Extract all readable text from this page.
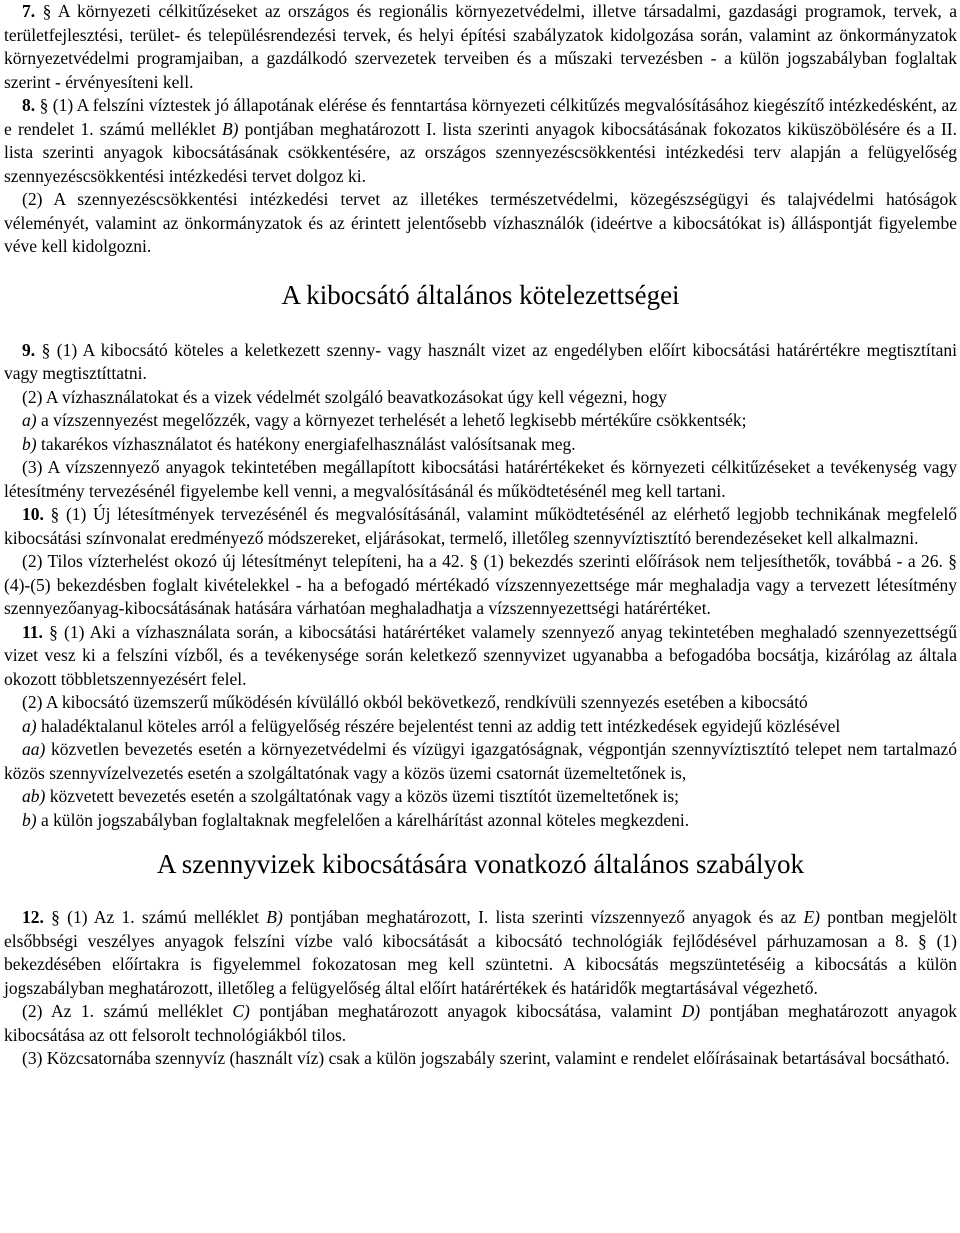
7. § A környezeti célkitűzéseket az országos és regionális környezetvédelmi, illetve társadalmi, gazdasági programok, tervek, a területfejlesztési, terület- és településrendezési tervek, és helyi építési szabályzatok kidolgozása során, valamint az önkormányzatok környezetvédelmi programjaiban, a gazdálkodó szervezetek terveiben és a műszaki tervezésben - a külön jogszabályban foglaltak szerint - érvényesíteni kell.

8. § (1) A felszíni víztestek jó állapotának elérése és fenntartása környezeti célkitűzés megvalósításához kiegészítő intézkedésként, az e rendelet 1. számú melléklet B) pontjában meghatározott I. lista szerinti anyagok kibocsátásának fokozatos kiküszöbölésére és a II. lista szerinti anyagok kibocsátásának csökkentésére, az országos szennyezéscsökkentési intézkedési terv alapján a felügyelőség szennyezéscsökkentési intézkedési tervet dolgoz ki.

(2) A szennyezéscsökkentési intézkedési tervet az illetékes természetvédelmi, közegészségügyi és talajvédelmi hatóságok véleményét, valamint az önkormányzatok és az érintett jelentősebb vízhasználók (ideértve a kibocsátókat is) álláspontját figyelembe véve kell kidolgozni.

A kibocsátó általános kötelezettségei

9. § (1) A kibocsátó köteles a keletkezett szenny- vagy használt vizet az engedélyben előírt kibocsátási határértékre megtisztítani vagy megtisztíttatni.

(2) A vízhasználatokat és a vizek védelmét szolgáló beavatkozásokat úgy kell végezni, hogy

a) a vízszennyezést megelőzzék, vagy a környezet terhelését a lehető legkisebb mértékűre csökkentsék;

b) takarékos vízhasználatot és hatékony energiafelhasználást valósítsanak meg.

(3) A vízszennyező anyagok tekintetében megállapított kibocsátási határértékeket és környezeti célkitűzéseket a tevékenység vagy létesítmény tervezésénél figyelembe kell venni, a megvalósításánál és működtetésénél meg kell tartani.

10. § (1) Új létesítmények tervezésénél és megvalósításánál, valamint működtetésénél az elérhető legjobb technikának megfelelő kibocsátási színvonalat eredményező módszereket, eljárásokat, termelő, illetőleg szennyvíztisztító berendezéseket kell alkalmazni.

(2) Tilos vízterhelést okozó új létesítményt telepíteni, ha a 42. § (1) bekezdés szerinti előírások nem teljesíthetők, továbbá - a 26. § (4)-(5) bekezdésben foglalt kivételekkel - ha a befogadó mértékadó vízszennyezettsége már meghaladja vagy a tervezett létesítmény szennyezőanyag-kibocsátásának hatására várhatóan meghaladhatja a vízszennyezettségi határértéket.

11. § (1) Aki a vízhasználata során, a kibocsátási határértéket valamely szennyező anyag tekintetében meghaladó szennyezettségű vizet vesz ki a felszíni vízből, és a tevékenysége során keletkező szennyvizet ugyanabba a befogadóba bocsátja, kizárólag az általa okozott többletszennyezésért felel.

(2) A kibocsátó üzemszerű működésén kívülálló okból bekövetkező, rendkívüli szennyezés esetében a kibocsátó

a) haladéktalanul köteles arról a felügyelőség részére bejelentést tenni az addig tett intézkedések egyidejű közlésével

aa) közvetlen bevezetés esetén a környezetvédelmi és vízügyi igazgatóságnak, végpontján szennyvíztisztító telepet nem tartalmazó közös szennyvízelvezetés esetén a szolgáltatónak vagy a közös üzemi csatornát üzemeltetőnek is,

ab) közvetett bevezetés esetén a szolgáltatónak vagy a közös üzemi tisztítót üzemeltetőnek is;

b) a külön jogszabályban foglaltaknak megfelelően a kárelhárítást azonnal köteles megkezdeni.

A szennyvizek kibocsátására vonatkozó általános szabályok

12. § (1) Az 1. számú melléklet B) pontjában meghatározott, I. lista szerinti vízszennyező anyagok és az E) pontban megjelölt elsőbbségi veszélyes anyagok felszíni vízbe való kibocsátását a kibocsátó technológiák fejlődésével párhuzamosan a 8. § (1) bekezdésében előírtakra is figyelemmel fokozatosan meg kell szüntetni. A kibocsátás megszüntetéséig a kibocsátás a külön jogszabályban meghatározott, illetőleg a felügyelőség által előírt határértékek és határidők megtartásával végezhető.

(2) Az 1. számú melléklet C) pontjában meghatározott anyagok kibocsátása, valamint D) pontjában meghatározott anyagok kibocsátása az ott felsorolt technológiákból tilos.

(3) Közcsatornába szennyvíz (használt víz) csak a külön jogszabály szerint, valamint e rendelet előírásainak betartásával bocsátható.
